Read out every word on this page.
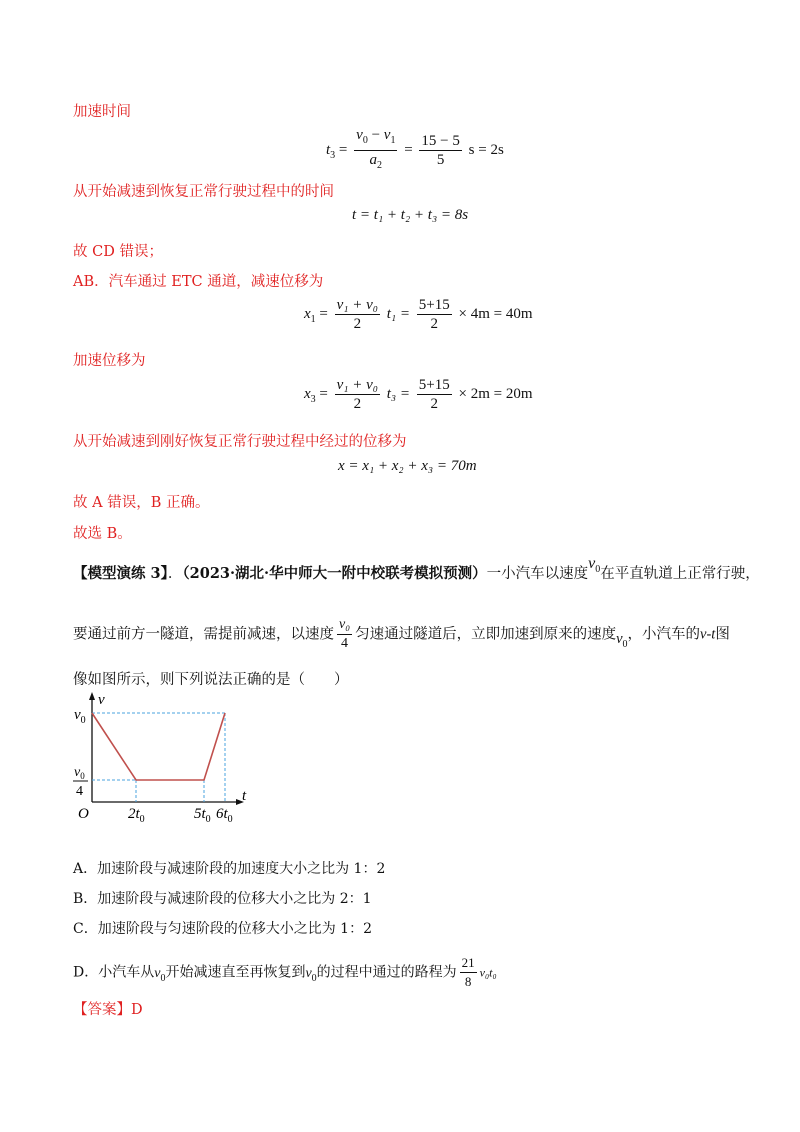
加速时间
$t_3 = \frac{v_0 - v_1}{a_2} = \frac{15 - 5}{5}$ s = 2s
从开始减速到恢复正常行驶过程中的时间
t = t₁ + t₂ + t₃ = 8s
故 CD 错误；
AB．汽车通过 ETC 通道，减速位移为
$x_1 = \frac{\text{v₁ + v₀}}{2} t_1 = \frac{5+15}{2} \times 4m = 40m$
加速位移为
$x_3 = \frac{\text{v₁ + v₀}}{2} t_3 = \frac{5+15}{2} \times 2m = 20m$
从开始减速到刚好恢复正常行驶过程中经过的位移为
x = x₁ + x₂ + x₃ = 70m
故 A 错误，B 正确。
故选 B。
【模型演练 3】．（2023·湖北·华中师大一附中校联考模拟预测）一小汽车以速度$v_0$在平直轨道上正常行驶，
要通过前方一隧道，需提前减速，以速度 $\frac{\text{v₀}}{4}$ 匀速通过隧道后，立即加速到原来的速度$v_0$，小汽车的v-t图
像如图所示，则下列说法正确的是（　　）
v
t
O
$v_0$
$v_0$
4
$2t_0$	$5t_0$ $6t_0$
A．加速阶段与减速阶段的加速度大小之比为 1：2
B．加速阶段与减速阶段的位移大小之比为 2：1
C．加速阶段与匀速阶段的位移大小之比为 1：2
D．小汽车从$v_0$开始减速直至再恢复到$v_0$的过程中通过的路程为 $\frac{21}{8} v_0t_0$
【答案】D
